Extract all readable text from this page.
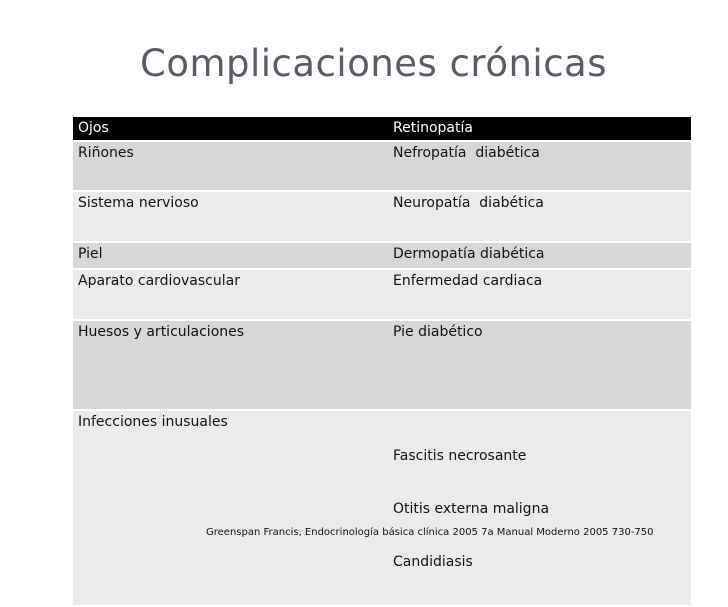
Complicaciones crónicas
Ojos	Retinopatía
Riñones	Nefropatía  diabética
Sistema nervioso	Neuropatía  diabética
Piel	Dermopatía diabética
Aparato cardiovascular	Enfermedad cardiaca
Huesos y articulaciones	Pie diabético
Infecciones inusuales	Fascitis necrosante

Otitis externa maligna

Candidiasis

Greenspan Francis, Endocrinología básica clínica 2005 7a Manual Moderno 2005 730-750
